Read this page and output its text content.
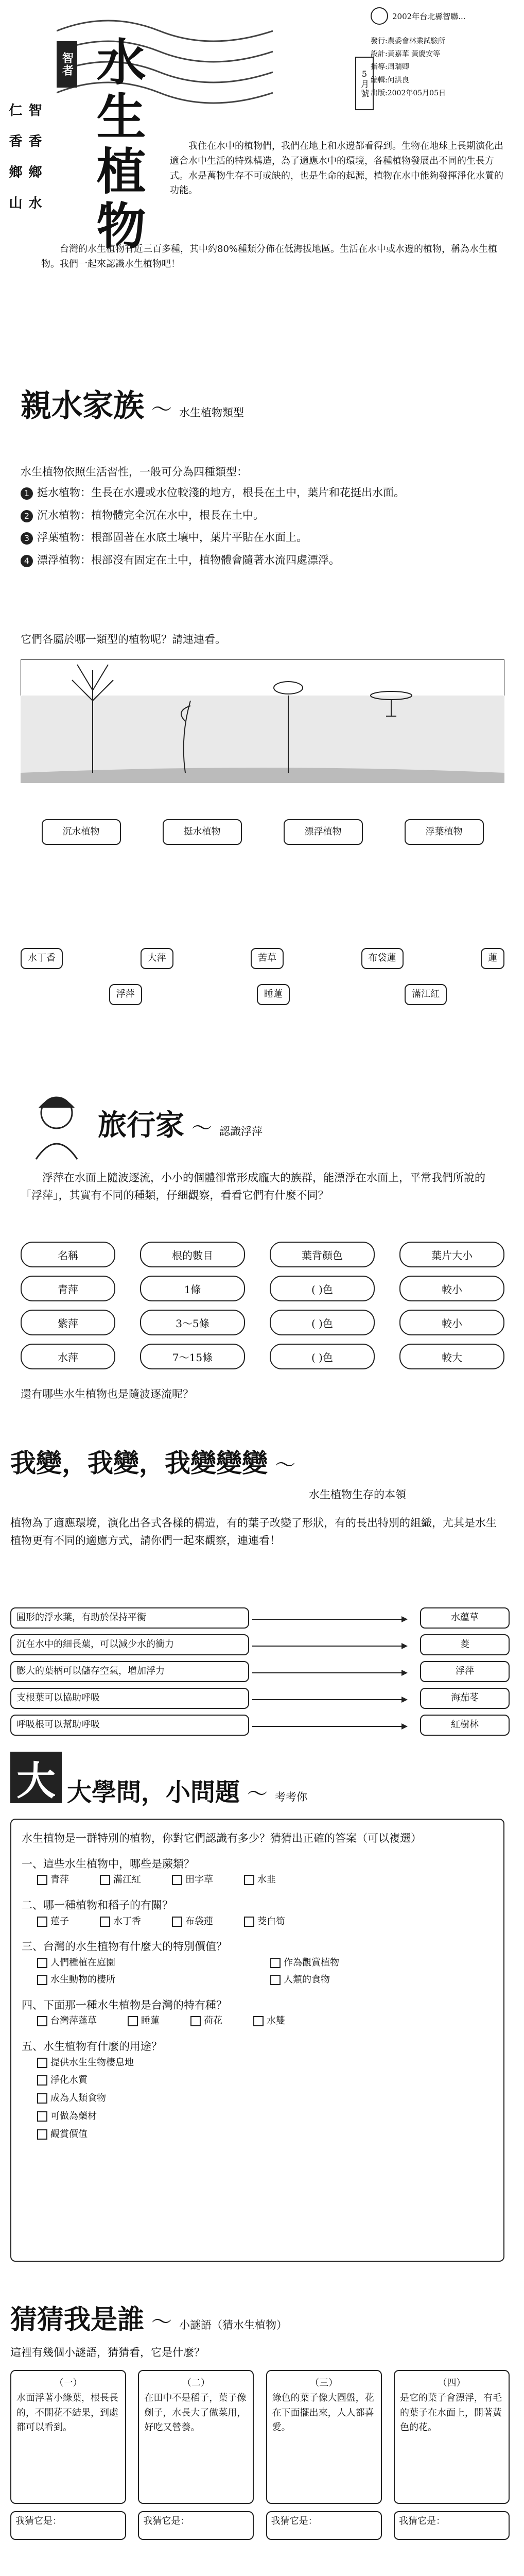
仁 香 鄉 山 智 香 鄉 水
智者 水生植物
2002年台北縣智聯...
發行:農委會林業試驗所
設計:黃嘉華 黃慶安等
指導:周瑞卿
編輯:何洪良
出版:2002年05月05日
5月號
我住在水中的植物們，我們在地上和水邊都看得到。生物在地球上長期演化出適合水中生活的特殊構造，為了適應水中的環境，各種植物發展出不同的生長方式。水是萬物生存不可或缺的，也是生命的起源，植物在水中能夠發揮淨化水質的功能。
台灣的水生植物有近三百多種，其中約80%種類分佈在低海拔地區。生活在水中或水邊的植物，稱為水生植物。我們一起來認識水生植物吧！
親水家族 〜 水生植物類型
水生植物依照生活習性，一般可分為四種類型：
1 挺水植物：生長在水邊或水位較淺的地方，根長在土中，葉片和花挺出水面。
2 沉水植物：植物體完全沉在水中，根長在土中。
3 浮葉植物：根部固著在水底土壤中，葉片平貼在水面上。
4 漂浮植物：根部沒有固定在土中，植物體會隨著水流四處漂浮。
它們各屬於哪一類型的植物呢？請連連看。
沉水植物	挺水植物	漂浮植物	浮葉植物
水丁香	大萍	苦草	布袋蓮	蓮
浮萍	睡蓮	滿江紅
旅行家 〜 認識浮萍
浮萍在水面上隨波逐流，小小的個體卻常形成龐大的族群，能漂浮在水面上，平常我們所說的「浮萍」，其實有不同的種類，仔細觀察，看看它們有什麼不同？
名稱	根的數目	葉背顏色	葉片大小
青萍	1條	( )色	較小
紫萍	3～5條	( )色	較小
水萍	7～15條	( )色	較大
還有哪些水生植物也是隨波逐流呢？
我變，我變，我變變變 〜
水生植物生存的本領
植物為了適應環境，演化出各式各樣的構造，有的葉子改變了形狀，有的長出特別的組織，尤其是水生植物更有不同的適應方式，請你們一起來觀察，連連看！
圓形的浮水葉，有助於保持平衡	水蘊草
沉在水中的細長葉，可以減少水的衝力	菱
膨大的葉柄可以儲存空氣，增加浮力	浮萍
支根葉可以協助呼吸	海茄苳
呼吸根可以幫助呼吸	紅樹林
大 大學問，小問題 〜 考考你
水生植物是一群特別的植物，你對它們認識有多少？猜猜出正確的答案（可以複選）
一、這些水生植物中，哪些是蕨類？
青萍	滿江紅	田字草	水韭
二、哪一種植物和稻子的有關？
蓮子	水丁香	布袋蓮	茭白筍
三、台灣的水生植物有什麼大的特別價值？
人們種植在庭園	作為觀賞植物
水生動物的棲所	人類的食物
四、下面那一種水生植物是台灣的特有種？
台灣萍蓬草	睡蓮	荷花	水雙
五、水生植物有什麼的用途？
提供水生生物棲息地
淨化水質
成為人類食物
可做為藥材
觀賞價值
猜猜我是誰 〜 小謎語（猜水生植物）
這裡有幾個小謎語，猜猜看，它是什麼？
（一）
水面浮著小綠葉，根長長的，不開花不結果，到處都可以看到。
我猜它是：
（二）
在田中不是稻子，葉子像劍子，水長大了做菜用，好吃又營養。
我猜它是：
（三）
綠色的葉子像大圓盤，花在下面擺出來，人人都喜愛。
我猜它是：
（四）
是它的葉子會漂浮，有毛的葉子在水面上，開著黃色的花。
我猜它是：
